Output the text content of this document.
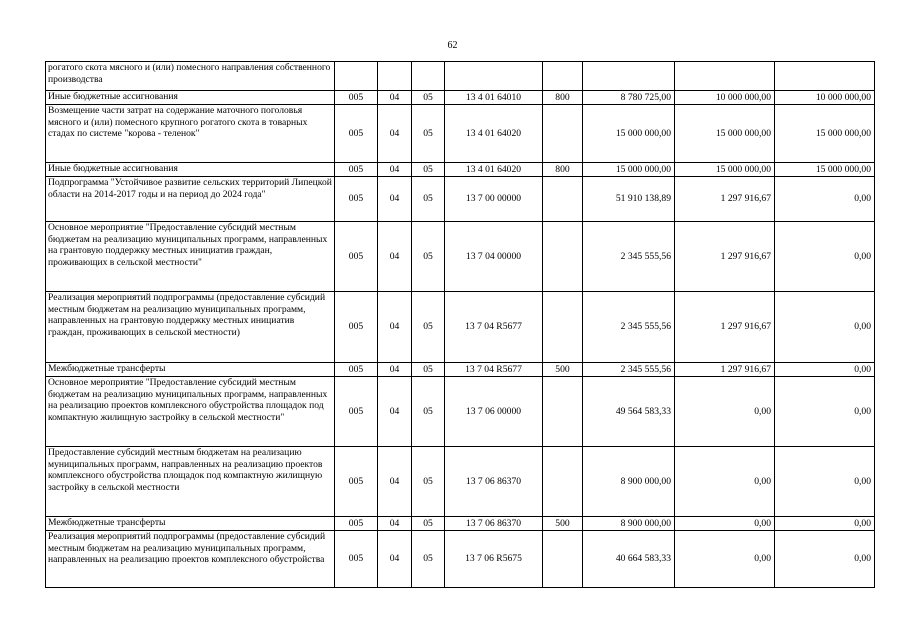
62
рогатого скота мясного и (или) помесного направления собственного производства								
Иные бюджетные ассигнования	005	04	05	13 4 01 64010	800	8 780 725,00	10 000 000,00	10 000 000,00
Возмещение части затрат на содержание маточного поголовья мясного и (или) помесного крупного рогатого скота в товарных стадах по системе "корова - теленок"	005	04	05	13 4 01 64020		15 000 000,00	15 000 000,00	15 000 000,00
Иные бюджетные ассигнования	005	04	05	13 4 01 64020	800	15 000 000,00	15 000 000,00	15 000 000,00
Подпрограмма "Устойчивое развитие сельских территорий Липецкой области на 2014-2017 годы и на период до 2024 года"	005	04	05	13 7 00 00000		51 910 138,89	1 297 916,67	0,00
Основное мероприятие "Предоставление субсидий местным бюджетам на реализацию муниципальных программ, направленных на грантовую поддержку местных инициатив граждан, проживающих в сельской местности"	005	04	05	13 7 04 00000		2 345 555,56	1 297 916,67	0,00
Реализация мероприятий подпрограммы (предоставление субсидий местным бюджетам на реализацию муниципальных программ, направленных на грантовую поддержку местных инициатив граждан, проживающих в сельской местности)	005	04	05	13 7 04 R5677		2 345 555,56	1 297 916,67	0,00
Межбюджетные трансферты	005	04	05	13 7 04 R5677	500	2 345 555,56	1 297 916,67	0,00
Основное мероприятие "Предоставление субсидий местным бюджетам на реализацию муниципальных программ, направленных на реализацию проектов комплексного обустройства площадок под компактную жилищную застройку в сельской местности"	005	04	05	13 7 06 00000		49 564 583,33	0,00	0,00
Предоставление субсидий местным бюджетам на реализацию муниципальных программ, направленных на реализацию проектов комплексного обустройства площадок под компактную жилищную застройку в сельской местности	005	04	05	13 7 06 86370		8 900 000,00	0,00	0,00
Межбюджетные трансферты	005	04	05	13 7 06 86370	500	8 900 000,00	0,00	0,00
Реализация мероприятий подпрограммы (предоставление субсидий местным бюджетам на реализацию муниципальных программ, направленных на реализацию проектов комплексного обустройства	005	04	05	13 7 06 R5675		40 664 583,33	0,00	0,00
